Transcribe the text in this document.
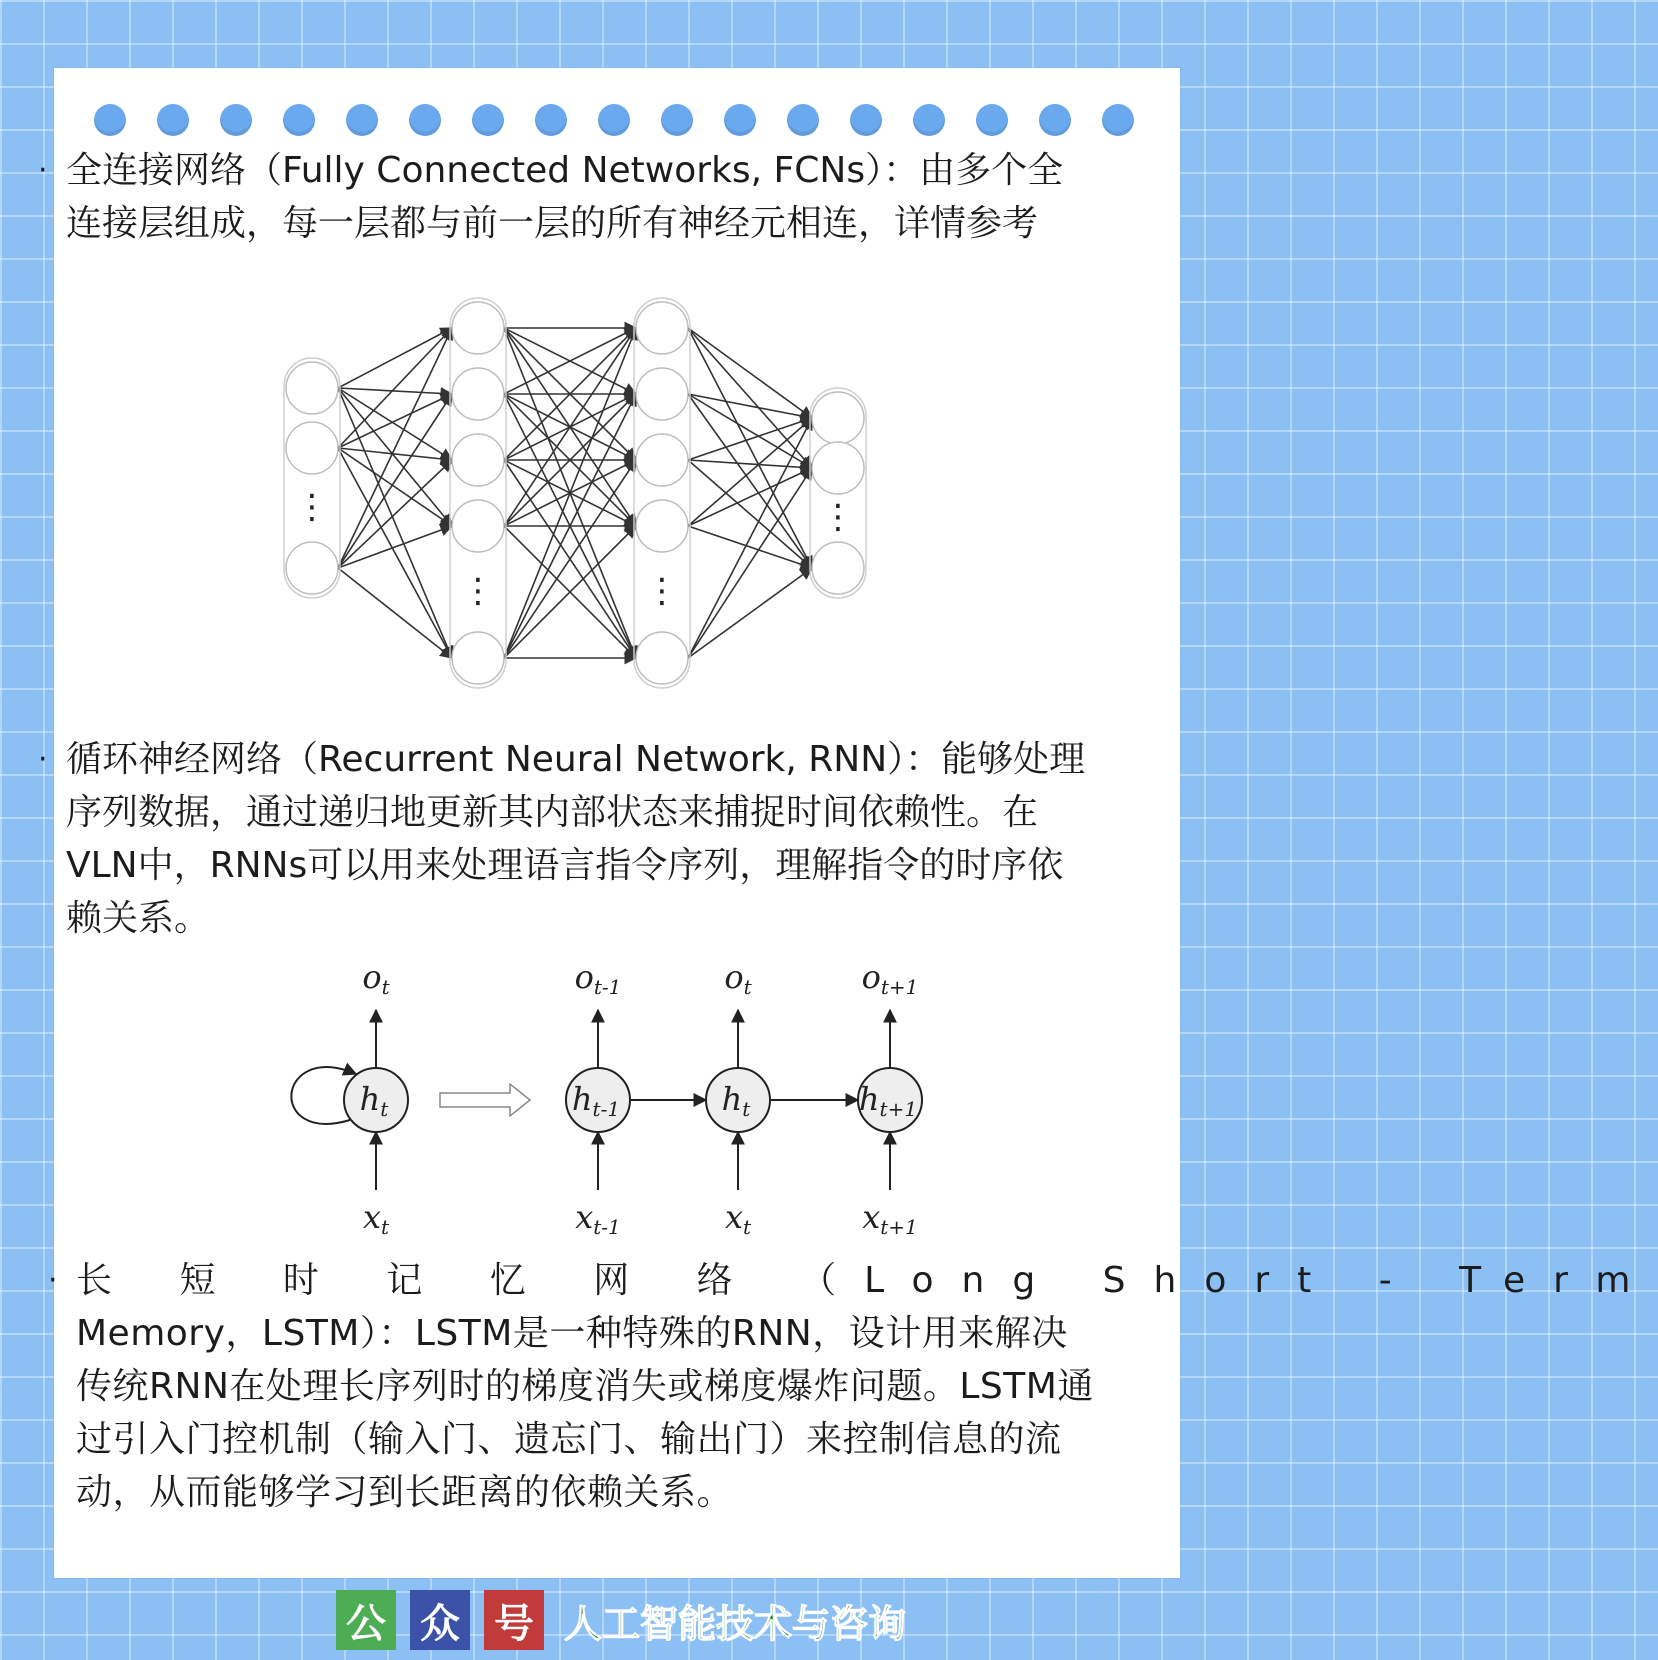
· 全连接网络（Fully Connected Networks, FCNs）：由多个全连接层组成，每一层都与前一层的所有神经元相连，详情参考
⋮
⋮	⋮
⋮
· 循环神经网络（Recurrent Neural Network, RNN）：能够处理序列数据，通过递归地更新其内部状态来捕捉时间依赖性。在VLN中，RNNs可以用来处理语言指令序列，理解指令的时序依赖关系。
ht
ot
xt
ht-1
ot-1
xt-1
ht
ot
xt
ht+1
ot+1
xt+1
· 长 短 时 记 忆 网 络 （Long Short - Term
Memory，LSTM）：LSTM是一种特殊的RNN，设计用来解决传统RNN在处理长序列时的梯度消失或梯度爆炸问题。LSTM通过引入门控机制（输入门、遗忘门、输出门）来控制信息的流动，从而能够学习到长距离的依赖关系。
公 众 号 人工智能技术与咨询
